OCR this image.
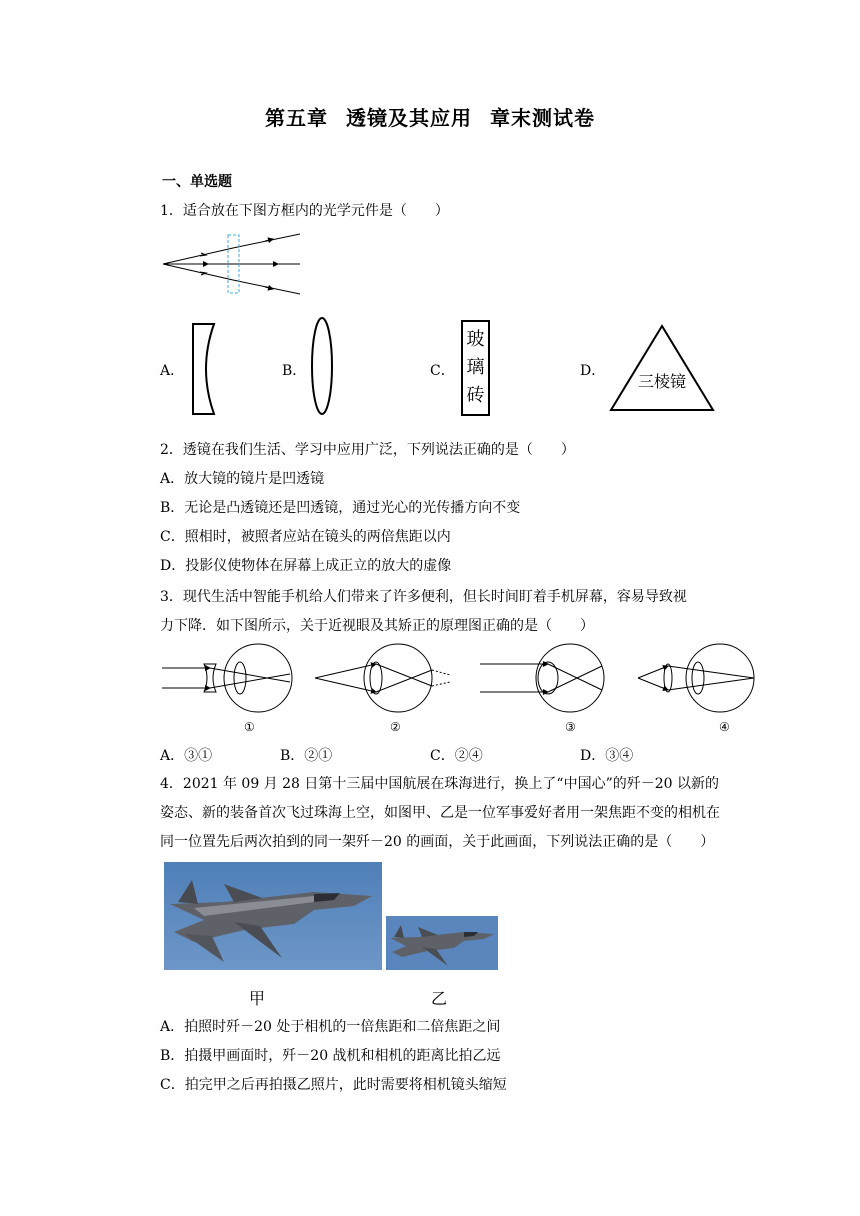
第五章 透镜及其应用 章末测试卷
一、单选题
1．适合放在下图方框内的光学元件是（　　）
A．	B．	C．
玻
璃
砖
D．
三棱镜
2．透镜在我们生活、学习中应用广泛，下列说法正确的是（　　）
A．放大镜的镜片是凹透镜
B．无论是凸透镜还是凹透镜，通过光心的光传播方向不变
C．照相时，被照者应站在镜头的两倍焦距以内
D．投影仪使物体在屏幕上成正立的放大的虚像
3．现代生活中智能手机给人们带来了许多便利，但长时间盯着手机屏幕，容易导致视
力下降．如下图所示，关于近视眼及其矫正的原理图正确的是（　　）
①	②	③	④
A．③①	B．②①	C．②④	D．③④
4．2021 年 09 月 28 日第十三届中国航展在珠海进行，换上了“中国心”的歼－20 以新的
姿态、新的装备首次飞过珠海上空，如图甲、乙是一位军事爱好者用一架焦距不变的相机在
同一位置先后两次拍到的同一架歼－20 的画面，关于此画面，下列说法正确的是（　　）
甲	乙
A．拍照时歼－20 处于相机的一倍焦距和二倍焦距之间
B．拍摄甲画面时，歼－20 战机和相机的距离比拍乙远
C．拍完甲之后再拍摄乙照片，此时需要将相机镜头缩短
